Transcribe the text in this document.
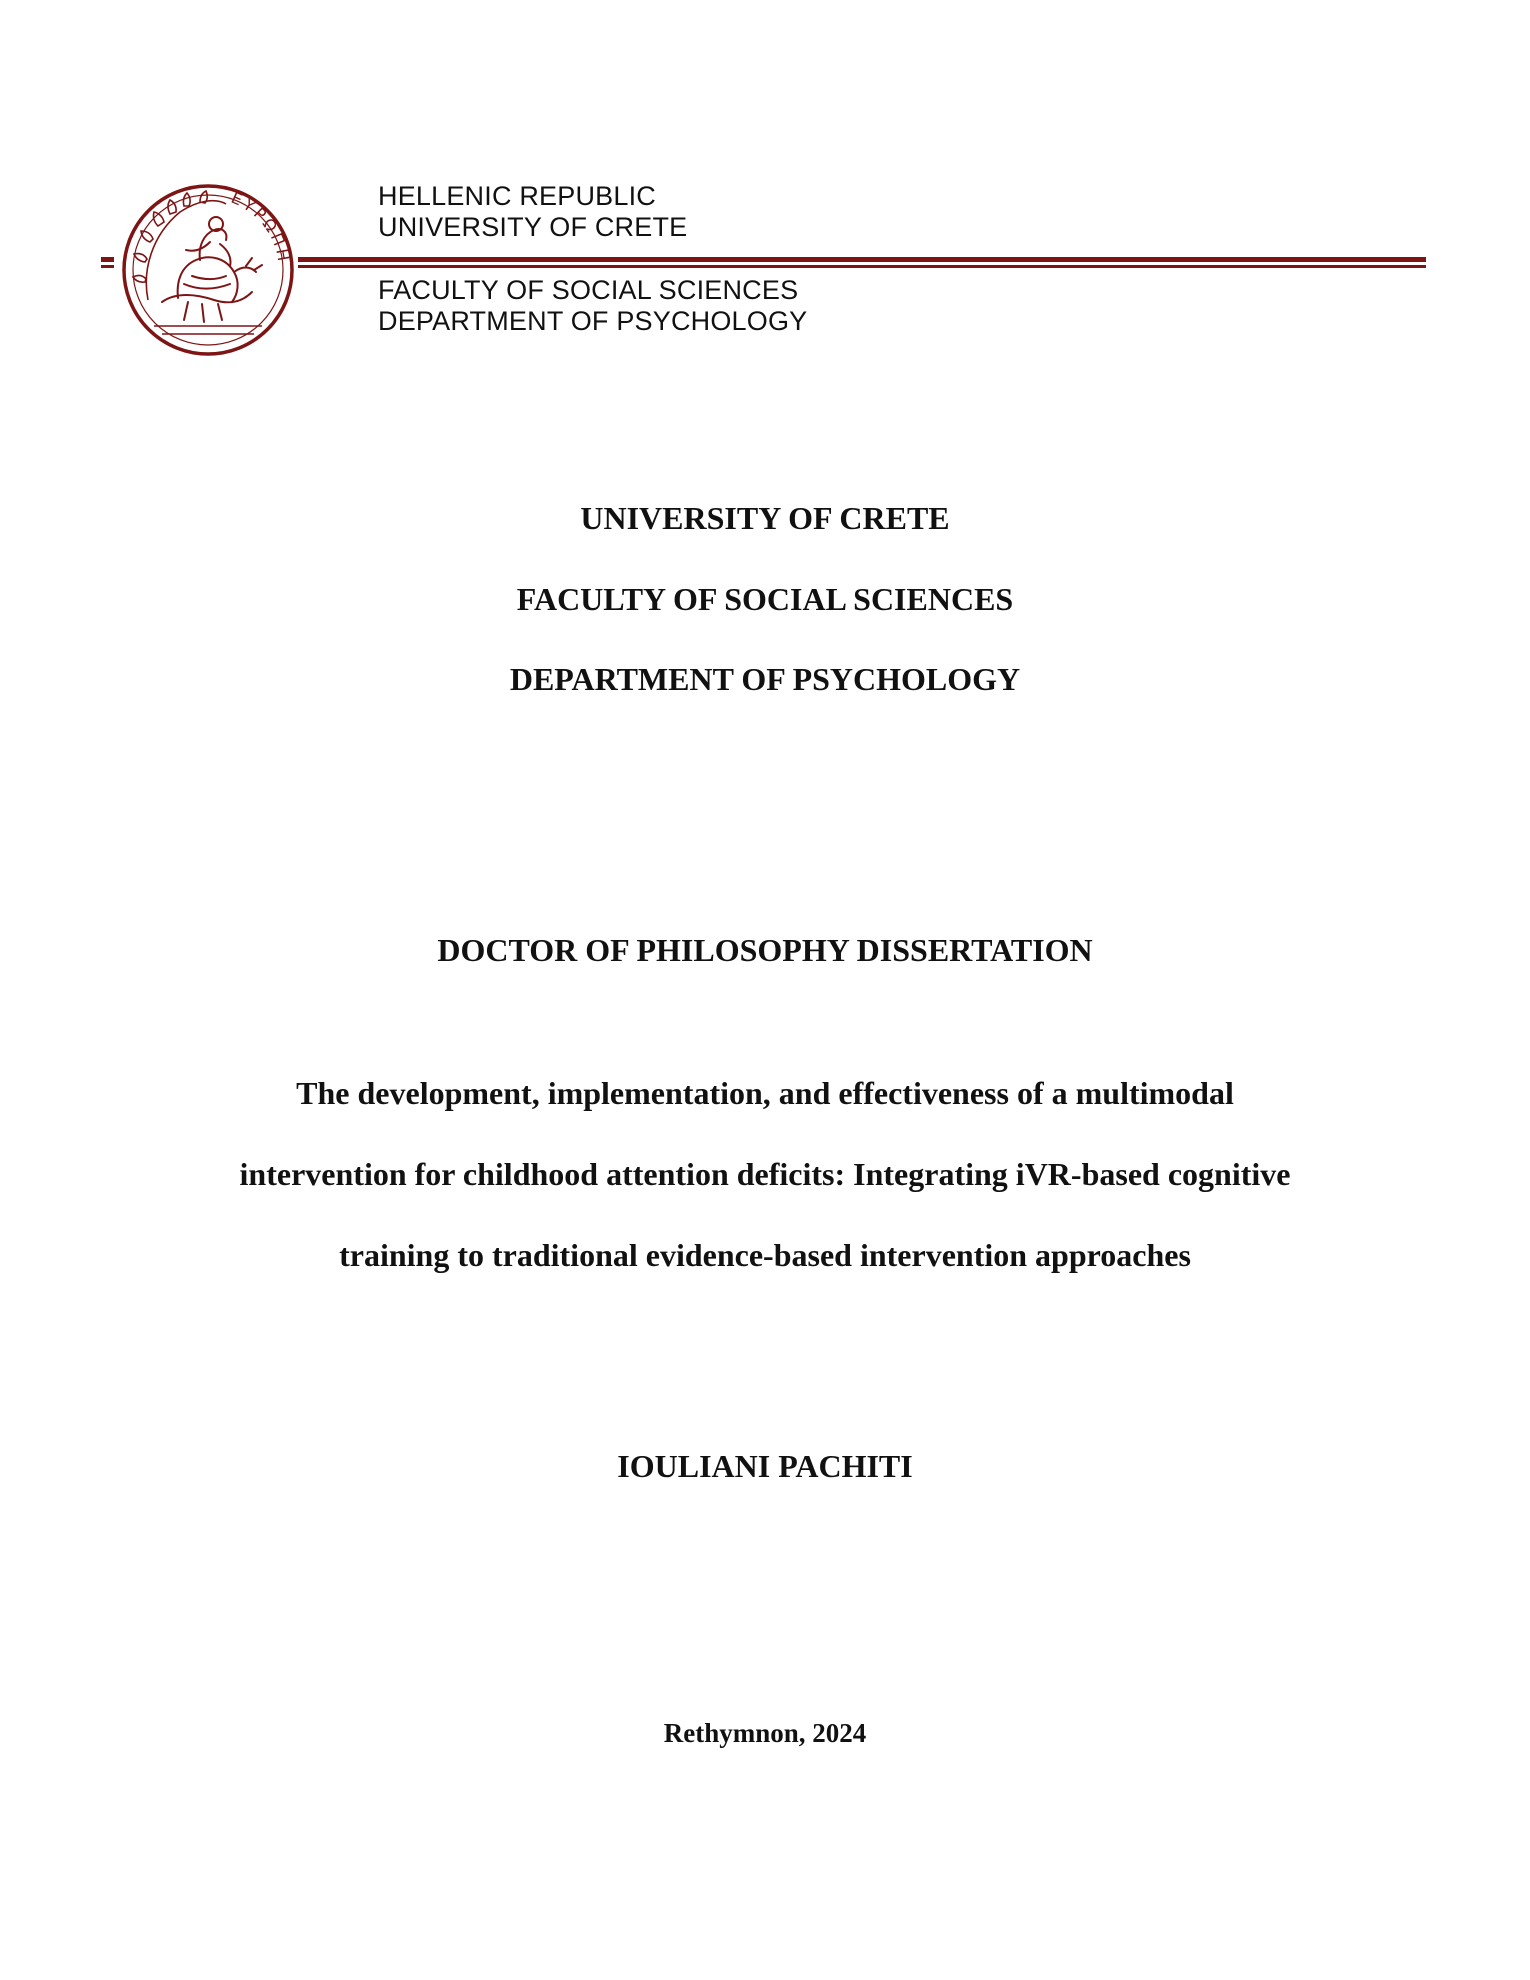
ΕΥΡΩΠΗ
HELLENIC REPUBLIC
UNIVERSITY OF CRETE
FACULTY OF SOCIAL SCIENCES
DEPARTMENT OF PSYCHOLOGY
UNIVERSITY OF CRETE
FACULTY OF SOCIAL SCIENCES
DEPARTMENT OF PSYCHOLOGY
DOCTOR OF PHILOSOPHY DISSERTATION
The development, implementation, and effectiveness of a multimodal
intervention for childhood attention deficits: Integrating iVR-based cognitive
training to traditional evidence-based intervention approaches
IOULIANI PACHITI
Rethymnon, 2024
